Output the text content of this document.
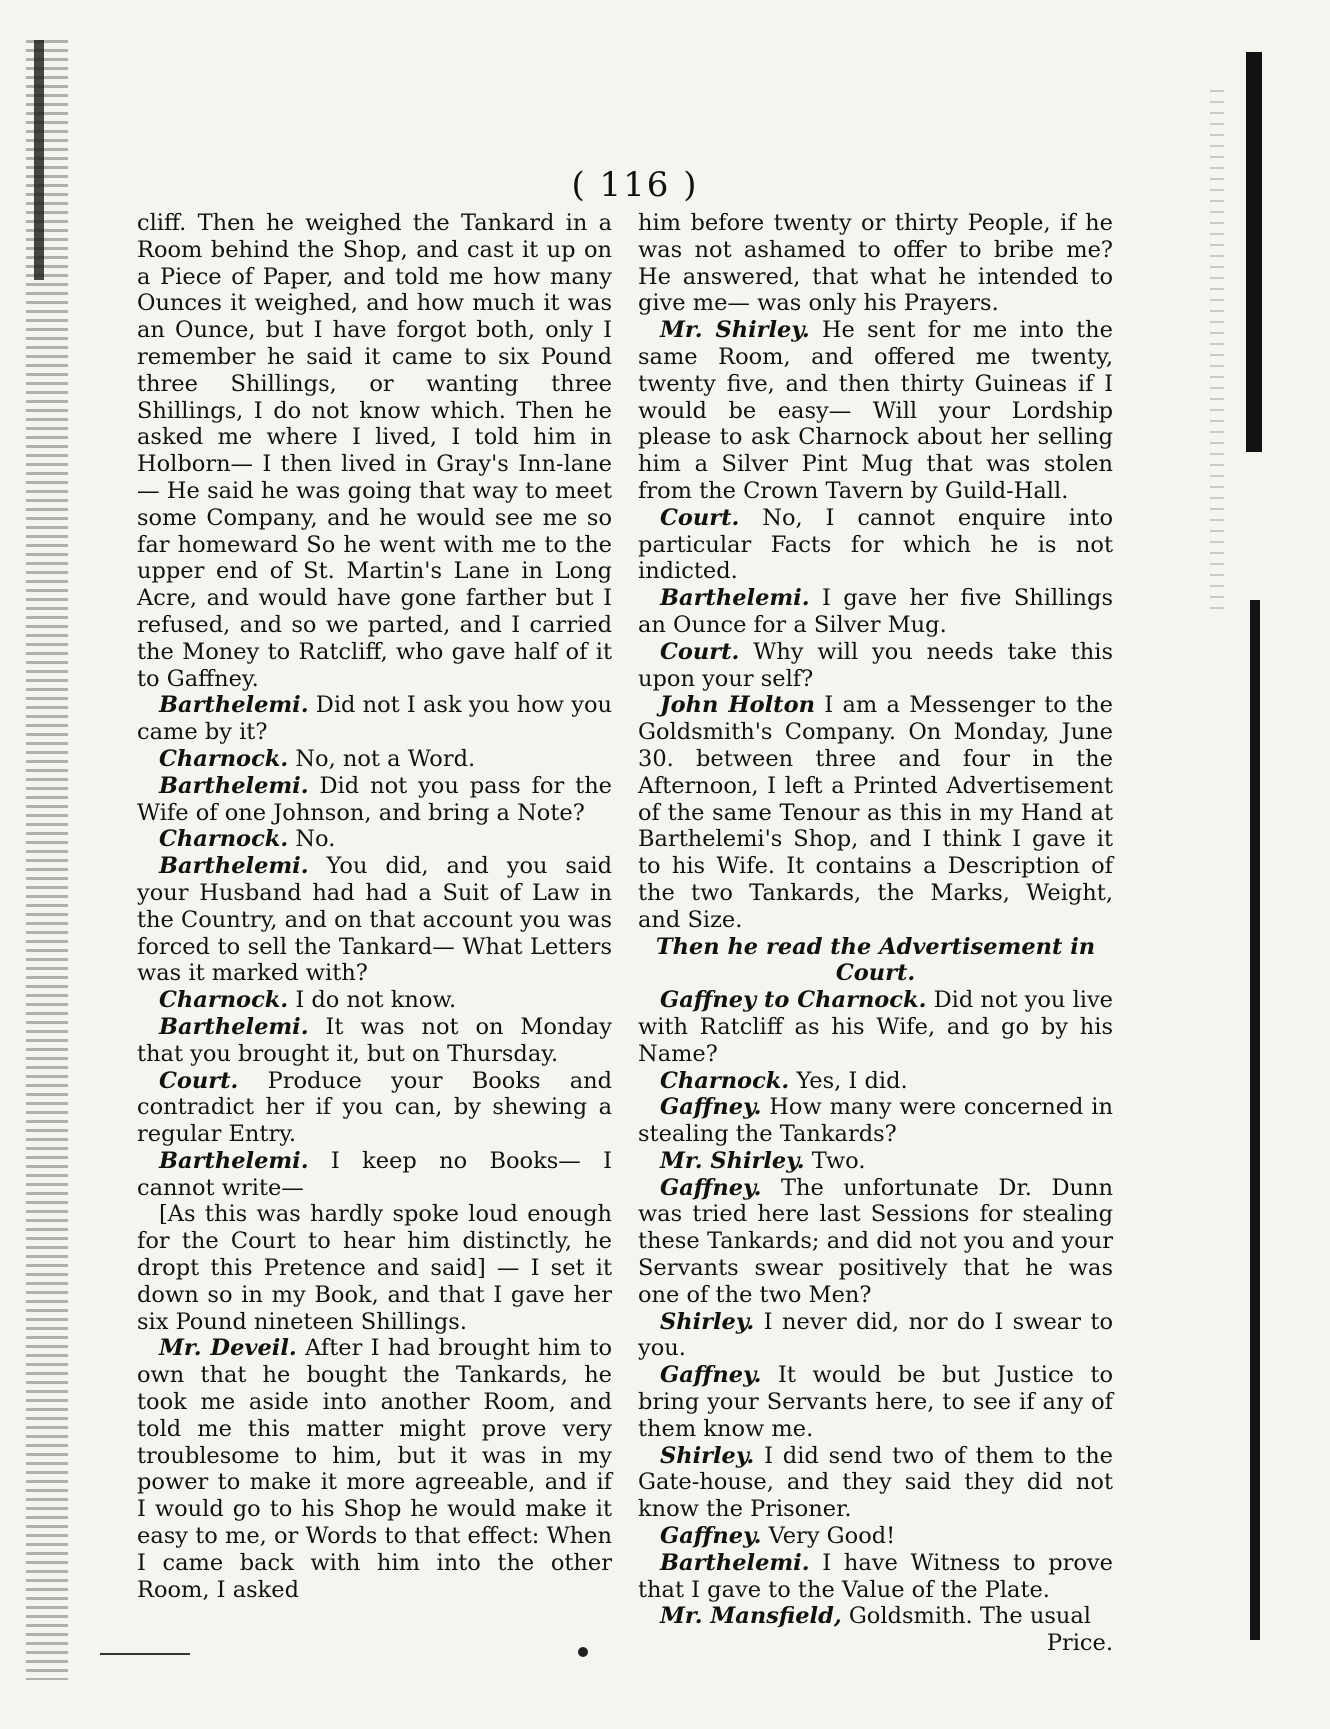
( 116 )

cliff. Then he weighed the Tankard in a Room behind the Shop, and cast it up on a Piece of Paper, and told me how many Ounces it weighed, and how much it was an Ounce, but I have forgot both, only I remember he said it came to six Pound three Shillings, or wanting three Shillings, I do not know which. Then he asked me where I lived, I told him in Holborn— I then lived in Gray's Inn-lane— He said he was going that way to meet some Company, and he would see me so far homeward So he went with me to the upper end of St. Martin's Lane in Long Acre, and would have gone farther but I refused, and so we parted, and I carried the Money to Ratcliff, who gave half of it to Gaffney.

Barthelemi. Did not I ask you how you came by it?

Charnock. No, not a Word.

Barthelemi. Did not you pass for the Wife of one Johnson, and bring a Note?

Charnock. No.

Barthelemi. You did, and you said your Husband had had a Suit of Law in the Country, and on that account you was forced to sell the Tankard— What Letters was it marked with?

Charnock. I do not know.

Barthelemi. It was not on Monday that you brought it, but on Thursday.

Court. Produce your Books and contradict her if you can, by shewing a regular Entry.

Barthelemi. I keep no Books— I cannot write—

[As this was hardly spoke loud enough for the Court to hear him distinctly, he dropt this Pretence and said] — I set it down so in my Book, and that I gave her six Pound nineteen Shillings.

Mr. Deveil. After I had brought him to own that he bought the Tankards, he took me aside into another Room, and told me this matter might prove very troublesome to him, but it was in my power to make it more agreeable, and if I would go to his Shop he would make it easy to me, or Words to that effect: When I came back with him into the other Room, I asked

him before twenty or thirty People, if he was not ashamed to offer to bribe me? He answered, that what he intended to give me— was only his Prayers.

Mr. Shirley. He sent for me into the same Room, and offered me twenty, twenty five, and then thirty Guineas if I would be easy— Will your Lordship please to ask Charnock about her selling him a Silver Pint Mug that was stolen from the Crown Tavern by Guild-Hall.

Court. No, I cannot enquire into particular Facts for which he is not indicted.

Barthelemi. I gave her five Shillings an Ounce for a Silver Mug.

Court. Why will you needs take this upon your self?

John Holton I am a Messenger to the Goldsmith's Company. On Monday, June 30. between three and four in the Afternoon, I left a Printed Advertisement of the same Tenour as this in my Hand at Barthelemi's Shop, and I think I gave it to his Wife. It contains a Description of the two Tankards, the Marks, Weight, and Size.

Then he read the Advertisement in Court.

Gaffney to Charnock. Did not you live with Ratcliff as his Wife, and go by his Name?

Charnock. Yes, I did.

Gaffney. How many were concerned in stealing the Tankards?

Mr. Shirley. Two.

Gaffney. The unfortunate Dr. Dunn was tried here last Sessions for stealing these Tankards; and did not you and your Servants swear positively that he was one of the two Men?

Shirley. I never did, nor do I swear to you.

Gaffney. It would be but Justice to bring your Servants here, to see if any of them know me.

Shirley. I did send two of them to the Gate-house, and they said they did not know the Prisoner.

Gaffney. Very Good!

Barthelemi. I have Witness to prove that I gave to the Value of the Plate.

Mr. Mansfield, Goldsmith. The usual

Price.
